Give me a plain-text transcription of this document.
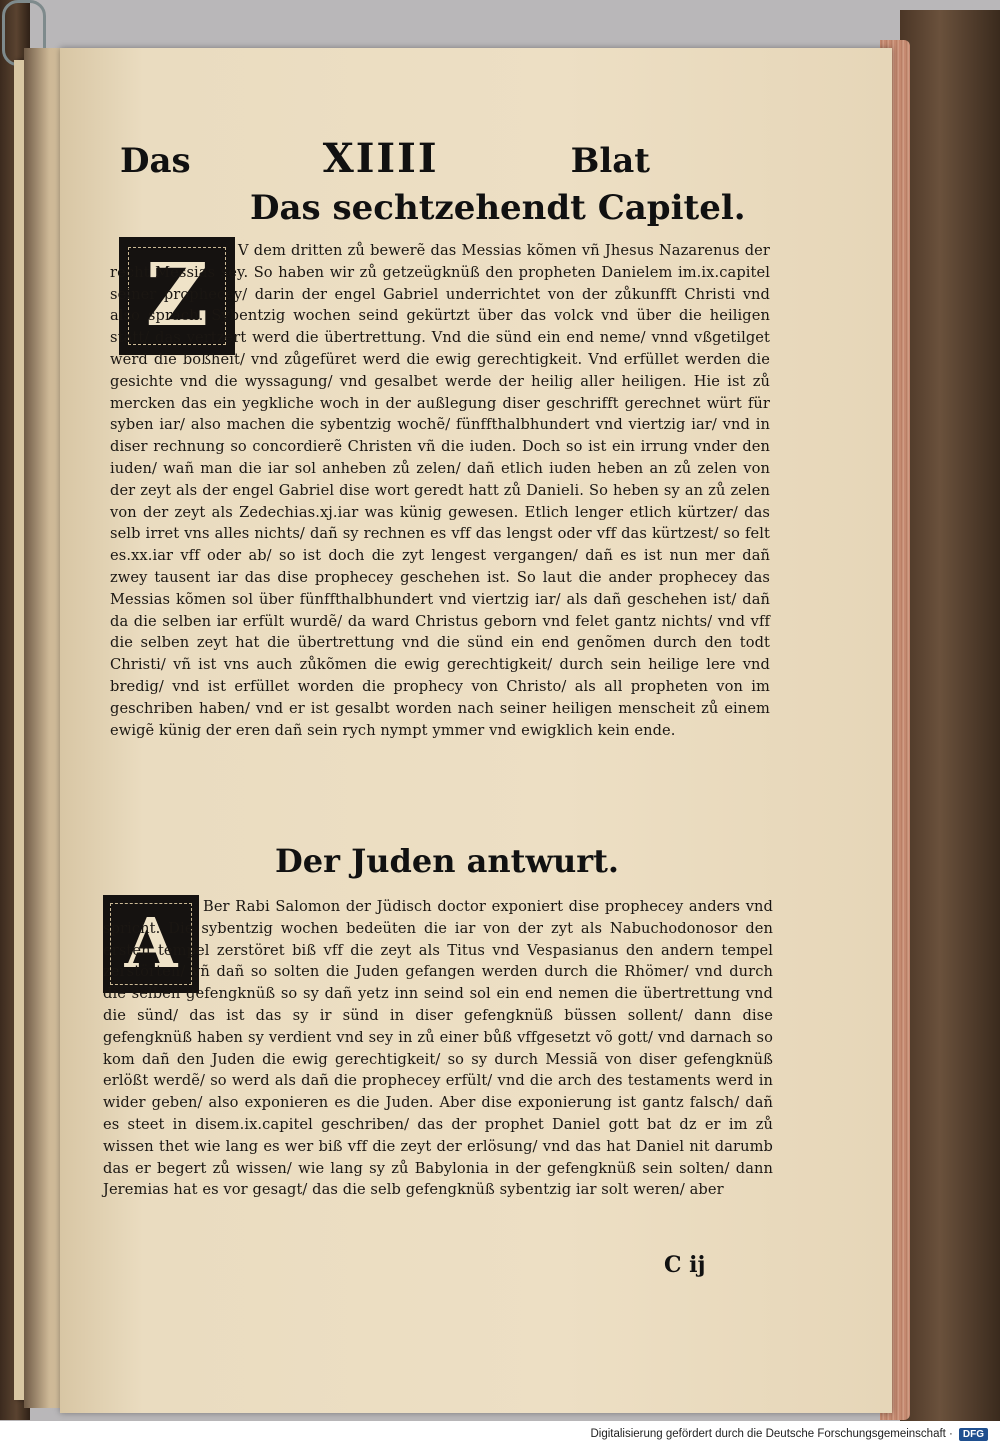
Das	XIIII	Blat
Das sechtzehendt Capitel.
Z	V dem dritten zů bewerẽ das Messias kõmen vñ Jhesus Nazarenus der recht Messias sey. So haben wir zů getzeügknüß den propheten Danielem im.ix.capitel seiner prophecey/ darin der engel Gabriel underrichtet von der zůkunfft Christi vnd also sprach. Sybentzig wochen seind gekürtzt über das volck vnd über die heiligen statt/ das vertzert werd die übertrettung. Vnd die sünd ein end neme/ vnnd vßgetilget werd die boßheit/ vnd zůgefüret werd die ewig gerechtigkeit. Vnd erfüllet werden die gesichte vnd die wyssagung/ vnd gesalbet werde der heilig aller heiligen. Hie ist zů mercken das ein yegkliche woch in der außlegung diser geschrifft gerechnet würt für syben iar/ also machen die sybentzig wochẽ/ fünffthalbhundert vnd viertzig iar/ vnd in diser rechnung so concordierẽ Christen vñ die iuden. Doch so ist ein irrung vnder den iuden/ wañ man die iar sol anheben zů zelen/ dañ etlich iuden heben an zů zelen von der zeyt als der engel Gabriel dise wort geredt hatt zů Danieli. So heben sy an zů zelen von der zeyt als Zedechias.xj.iar was künig gewesen. Etlich lenger etlich kürtzer/ das selb irret vns alles nichts/ dañ sy rechnen es vff das lengst oder vff das kürtzest/ so felt es.xx.iar vff oder ab/ so ist doch die zyt lengest vergangen/ dañ es ist nun mer dañ zwey tausent iar das dise prophecey geschehen ist. So laut die ander prophecey das Messias kõmen sol über fünffthalbhundert vnd viertzig iar/ als dañ geschehen ist/ dañ da die selben iar erfült wurdẽ/ da ward Christus geborn vnd felet gantz nichts/ vnd vff die selben zeyt hat die übertrettung vnd die sünd ein end genõmen durch den todt Christi/ vñ ist vns auch zůkõmen die ewig gerechtigkeit/ durch sein heilige lere vnd bredig/ vnd ist erfüllet worden die prophecy von Christo/ als all propheten von im geschriben haben/ vnd er ist gesalbt worden nach seiner heiligen menscheit zů einem ewigẽ künig der eren dañ sein rych nympt ymmer vnd ewigklich kein ende.

Der Juden antwurt.
A	Ber Rabi Salomon der Jüdisch doctor exponiert dise prophecey anders vnd spricht. Die sybentzig wochen bedeüten die iar von der zyt als Nabuchodonosor den ersten tempel zerstöret biß vff die zeyt als Titus vnd Vespasianus den andern tempel zerstörten/ vñ dañ so solten die Juden gefangen werden durch die Rhömer/ vnd durch die selben gefengknüß so sy dañ yetz inn seind sol ein end nemen die übertrettung vnd die sünd/ das ist das sy ir sünd in diser gefengknüß büssen sollent/ dann dise gefengknüß haben sy verdient vnd sey in zů einer bůß vffgesetzt võ gott/ vnd darnach so kom dañ den Juden die ewig gerechtigkeit/ so sy durch Messiã von diser gefengknüß erlößt werdẽ/ so werd als dañ die prophecey erfült/ vnd die arch des testaments werd in wider geben/ also exponieren es die Juden. Aber dise exponierung ist gantz falsch/ dañ es steet in disem.ix.capitel geschriben/ das der prophet Daniel gott bat dz er im zů wissen thet wie lang es wer biß vff die zeyt der erlösung/ vnd das hat Daniel nit darumb das er begert zů wissen/ wie lang sy zů Babylonia in der gefengknüß sein solten/ dann Jeremias hat es vor gesagt/ das die selb gefengknüß sybentzig iar solt weren/ aber

C ij
Digitalisierung gefördert durch die Deutsche Forschungsgemeinschaft ·	DFG
